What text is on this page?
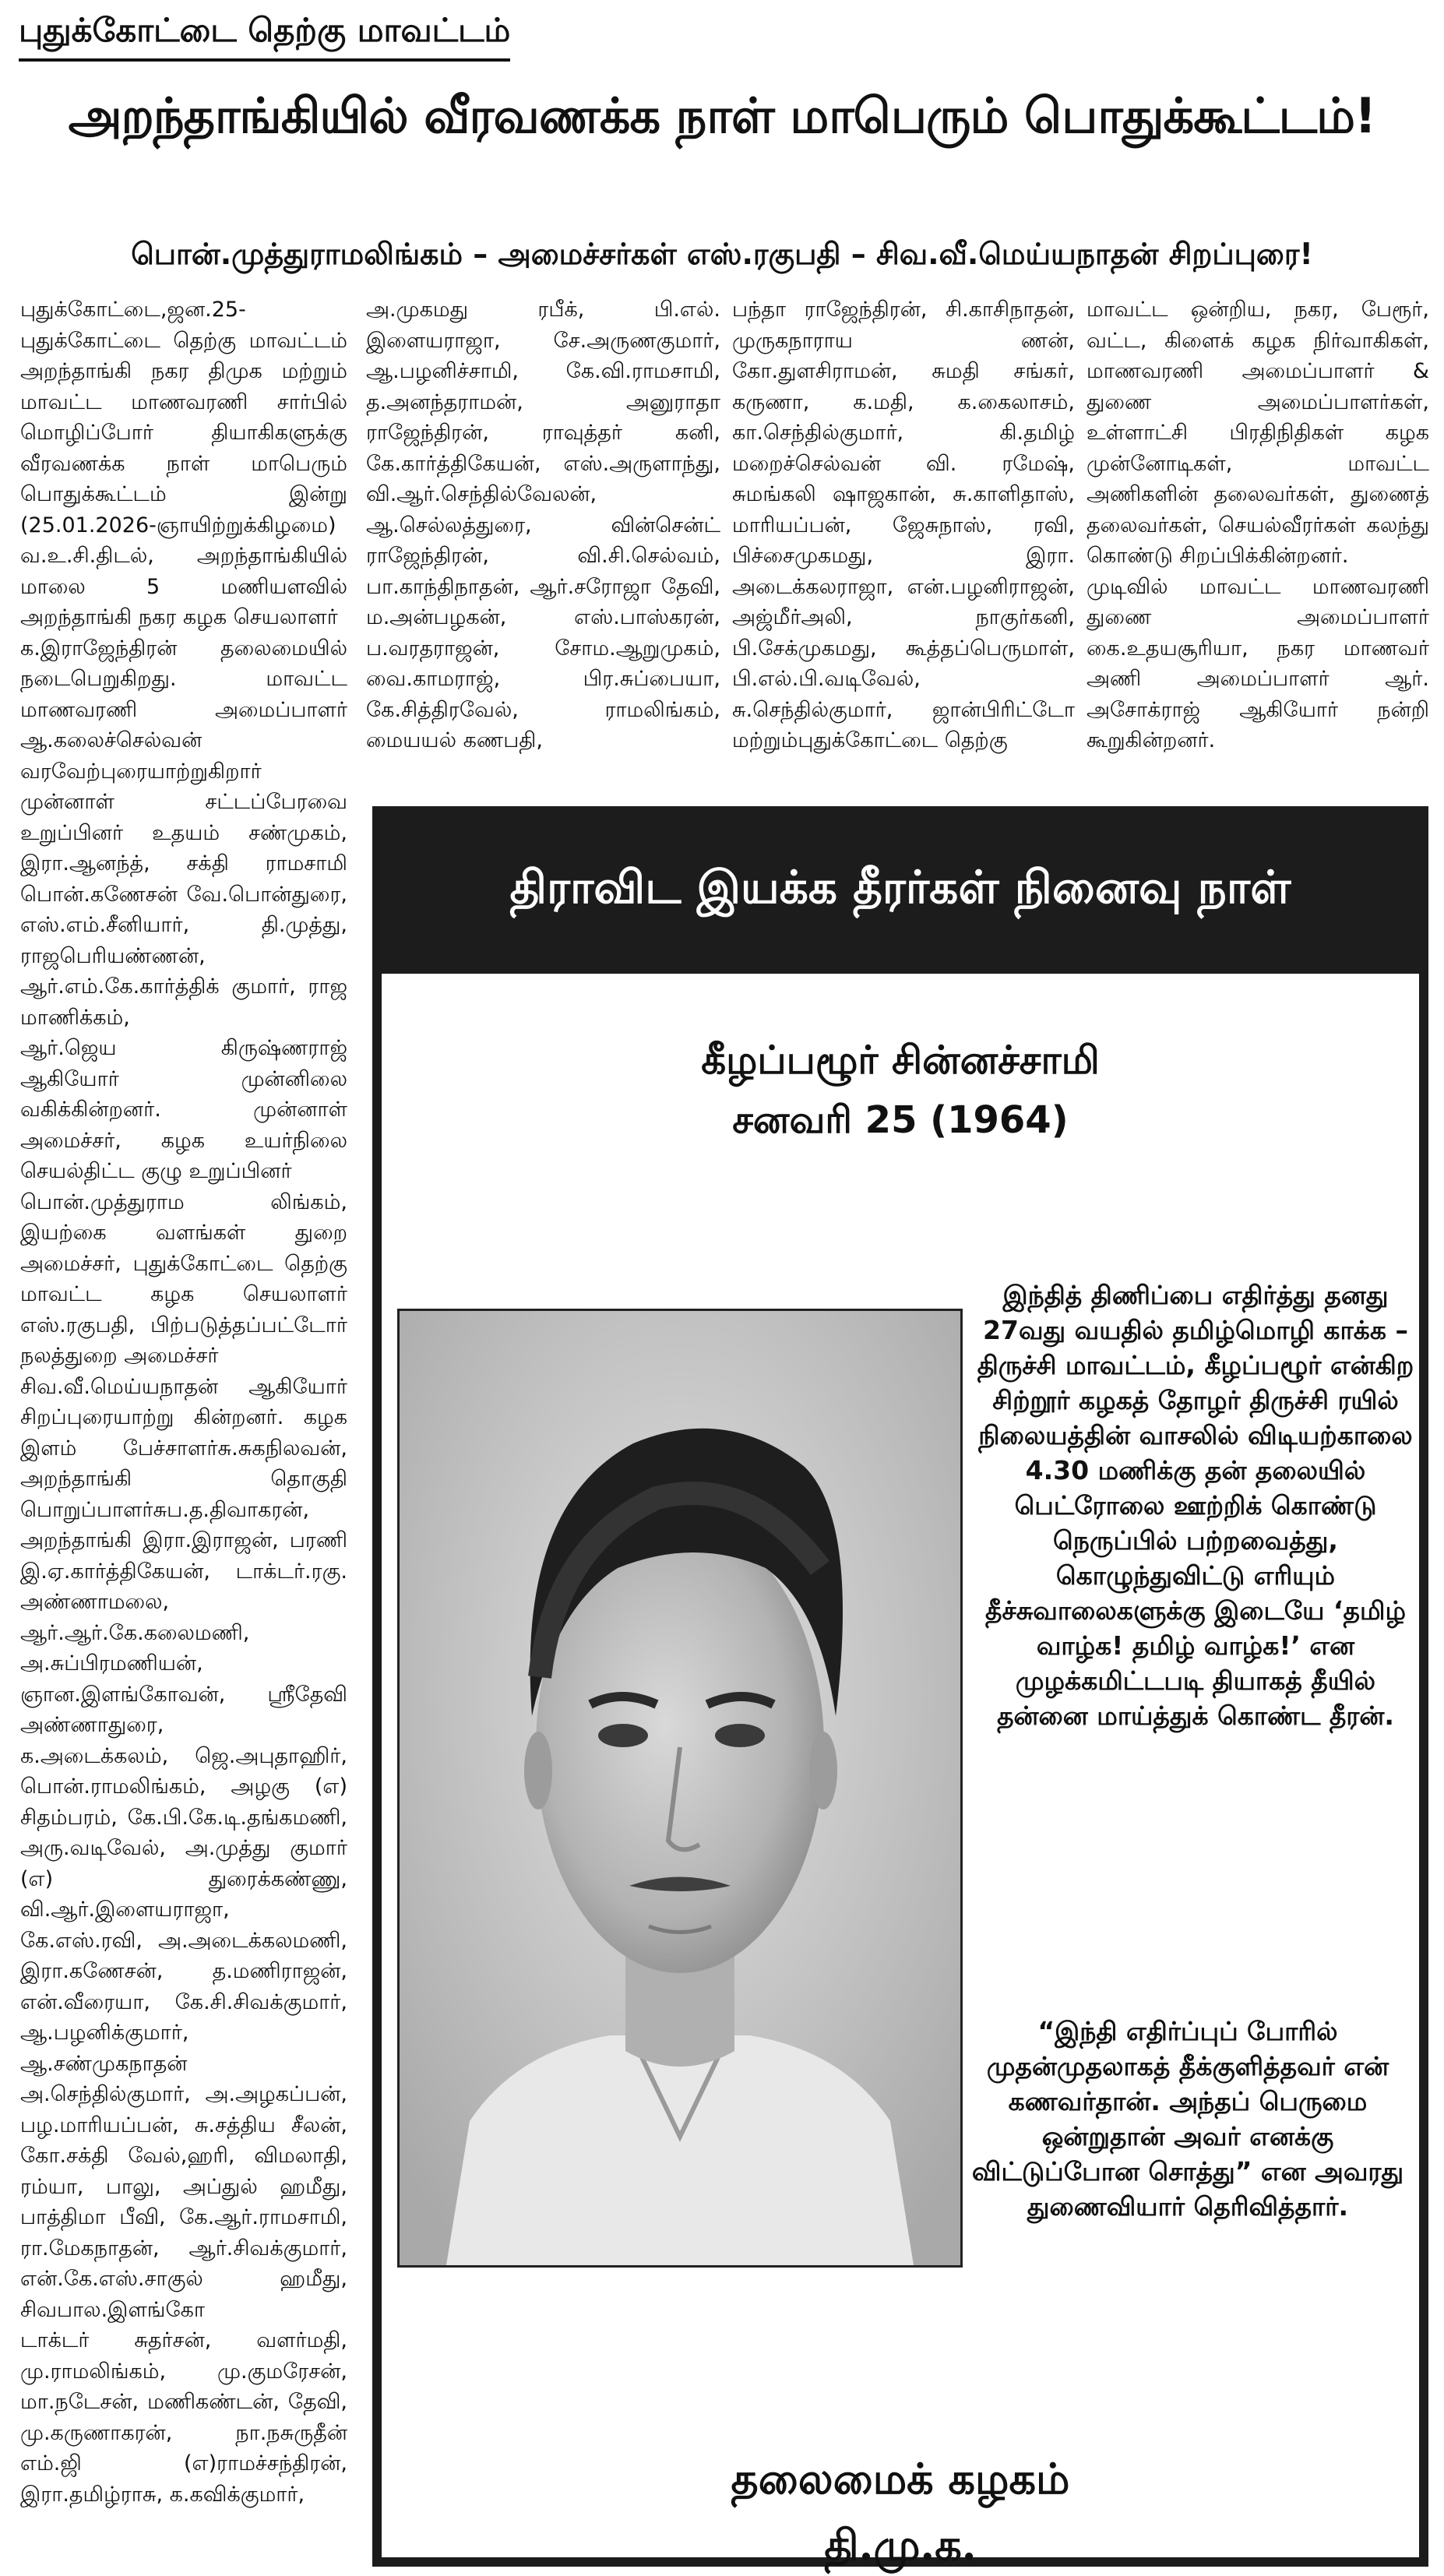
புதுக்கோட்டை தெற்கு மாவட்டம்
அறந்தாங்கியில் வீரவணக்க நாள் மாபெரும் பொதுக்கூட்டம்!
பொன்.முத்துராமலிங்கம் – அமைச்சர்கள் எஸ்.ரகுபதி – சிவ.வீ.மெய்யநாதன் சிறப்புரை!

புதுக்கோட்டை,ஜன.25- புதுக்கோட்டை தெற்கு மாவட்டம் அறந்தாங்கி நகர திமுக மற்றும் மாவட்ட மாணவரணி சார்பில் மொழிப்போர் தியாகிகளுக்கு வீரவணக்க நாள் மாபெரும் பொதுக்கூட்டம் இன்று (25.01.2026-ஞாயிற்றுக்கிழமை) வ.உ.சி.திடல், அறந்தாங்கியில் மாலை 5 மணியளவில் அறந்தாங்கி நகர கழக செயலாளர்

க.இராஜேந்திரன் தலைமையில் நடைபெறுகிறது. மாவட்ட மாணவரணி அமைப்பாளர் ஆ.கலைச்செல்வன் வரவேற்புரையாற்றுகிறார் முன்னாள் சட்டப்பேரவை உறுப்பினர் உதயம் சண்முகம், இரா.ஆனந்த், சக்தி ராமசாமி பொன்.கணேசன் வே.பொன்துரை, எஸ்.எம்.சீனியார், தி.முத்து, ராஜபெரியண்ணன், ஆர்.எம்.கே.கார்த்திக் குமார், ராஜ மாணிக்கம்,

ஆர்.ஜெய கிருஷ்ணராஜ் ஆகியோர் முன்னிலை வகிக்கின்றனர். முன்னாள் அமைச்சர், கழக உயர்நிலை செயல்திட்ட குழு உறுப்பினர்

பொன்.முத்துராம லிங்கம், இயற்கை வளங்கள் துறை அமைச்சர், புதுக்கோட்டை தெற்கு மாவட்ட கழக செயலாளர் எஸ்.ரகுபதி, பிற்படுத்தப்பட்டோர் நலத்துறை அமைச்சர்

சிவ.வீ.மெய்யநாதன் ஆகியோர் சிறப்புரையாற்று கின்றனர். கழக இளம் பேச்சாளர்சு.சுகநிலவன், அறந்தாங்கி தொகுதி பொறுப்பாளர்சுப.த.திவாகரன், அறந்தாங்கி இரா.இராஜன், பரணி இ.ஏ.கார்த்திகேயன், டாக்டர்.ரகு. அண்ணாமலை, ஆர்.ஆர்.கே.கலைமணி, அ.சுப்பிரமணியன், ஞான.இளங்கோவன், ஸ்ரீதேவி அண்ணாதுரை,

க.அடைக்கலம், ஜெ.அபுதாஹிர், பொன்.ராமலிங்கம், அழகு (எ) சிதம்பரம், கே.பி.கே.டி.தங்கமணி, அரு.வடிவேல், அ.முத்து குமார் (எ) துரைக்கண்ணு, வி.ஆர்.இளையராஜா, கே.எஸ்.ரவி, அ.அடைக்கலமணி, இரா.கணேசன், த.மணிராஜன், என்.வீரையா, கே.சி.சிவக்குமார், ஆ.பழனிக்குமார், ஆ.சண்முகநாதன் அ.செந்தில்குமார், அ.அழகப்பன், பழ.மாரியப்பன், சு.சத்திய சீலன், கோ.சக்தி வேல்,ஹரி, விமலாதி, ரம்யா, பாலு, அப்துல் ஹமீது, பாத்திமா பீவி, கே.ஆர்.ராமசாமி, ரா.மேகநாதன், ஆர்.சிவக்குமார், என்.கே.எஸ்.சாகுல் ஹமீது, சிவபால.இளங்கோ

டாக்டர் சுதர்சன், வளர்மதி, மு.ராமலிங்கம், மு.குமரேசன், மா.நடேசன், மணிகண்டன், தேவி, மு.கருணாகரன், நா.நசுருதீன் எம்.ஜி (எ)ராமச்சந்திரன், இரா.தமிழ்ராசு, க.கவிக்குமார்,

அ.முகமது ரபீக், பி.எல். இளையராஜா, சே.அருணகுமார், ஆ.பழனிச்சாமி, கே.வி.ராமசாமி, த.அனந்தராமன், அனுராதா ராஜேந்திரன், ராவுத்தர் கனி, கே.கார்த்திகேயன், எஸ்.அருளாந்து, வி.ஆர்.செந்தில்வேலன், ஆ.செல்லத்துரை, வின்சென்ட் ராஜேந்திரன், வி.சி.செல்வம், பா.காந்திநாதன், ஆர்.சரோஜா தேவி, ம.அன்பழகன், எஸ்.பாஸ்கரன், ப.வரதராஜன், சோம.ஆறுமுகம், வை.காமராஜ், பிர.சுப்பையா, கே.சித்திரவேல், ராமலிங்கம், மையயல் கணபதி,

பந்தா ராஜேந்திரன், சி.காசிநாதன், முருகநாராய ணன், கோ.துளசிராமன், சுமதி சங்கர், கருணா, க.மதி, க.கைலாசம், கா.செந்தில்குமார், கி.தமிழ் மறைச்செல்வன் வி. ரமேஷ், சுமங்கலி ஷாஜகான், சு.காளிதாஸ், மாரியப்பன், ஜேசுநாஸ், ரவி, பிச்சைமுகமது, இரா. அடைக்கலராஜா, என்.பழனிராஜன், அஜ்மீர்அலி, நாகுர்கனி, பி.சேக்முகமது, கூத்தப்பெருமாள், பி.எல்.பி.வடிவேல், சு.செந்தில்குமார், ஜான்பிரிட்டோ மற்றும்புதுக்கோட்டை தெற்கு

மாவட்ட ஒன்றிய, நகர, பேரூர், வட்ட, கிளைக் கழக நிர்வாகிகள், மாணவரணி அமைப்பாளர் & துணை அமைப்பாளர்கள், உள்ளாட்சி பிரதிநிதிகள் கழக முன்னோடிகள், மாவட்ட அணிகளின் தலைவர்கள், துணைத் தலைவர்கள், செயல்வீரர்கள் கலந்து கொண்டு சிறப்பிக்கின்றனர்.

முடிவில் மாவட்ட மாணவரணி துணை அமைப்பாளர் கை.உதயசூரியா, நகர மாணவர் அணி அமைப்பாளர் ஆர். அசோக்ராஜ் ஆகியோர் நன்றி கூறுகின்றனர்.

திராவிட இயக்க தீரர்கள் நினைவு நாள்
கீழப்பழூர் சின்னச்சாமி
சனவரி 25 (1964)
இந்தித் திணிப்பை எதிர்த்து தனது 27வது வயதில் தமிழ்மொழி காக்க – திருச்சி மாவட்டம், கீழப்பழூர் என்கிற சிற்றூர் கழகத் தோழர் திருச்சி ரயில் நிலையத்தின் வாசலில் விடியற்காலை 4.30 மணிக்கு தன் தலையில் பெட்ரோலை ஊற்றிக் கொண்டு நெருப்பில் பற்றவைத்து, கொழுந்துவிட்டு எரியும் தீச்சுவாலைகளுக்கு இடையே ‘தமிழ் வாழ்க! தமிழ் வாழ்க!’ என முழக்கமிட்டபடி தியாகத் தீயில் தன்னை மாய்த்துக் கொண்ட தீரன்.
“இந்தி எதிர்ப்புப் போரில் முதன்முதலாகத் தீக்குளித்தவர் என் கணவர்தான். அந்தப் பெருமை ஒன்றுதான் அவர் எனக்கு விட்டுப்போன சொத்து” என அவரது துணைவியார் தெரிவித்தார்.
தலைமைக் கழகம்
தி.மு.க.
